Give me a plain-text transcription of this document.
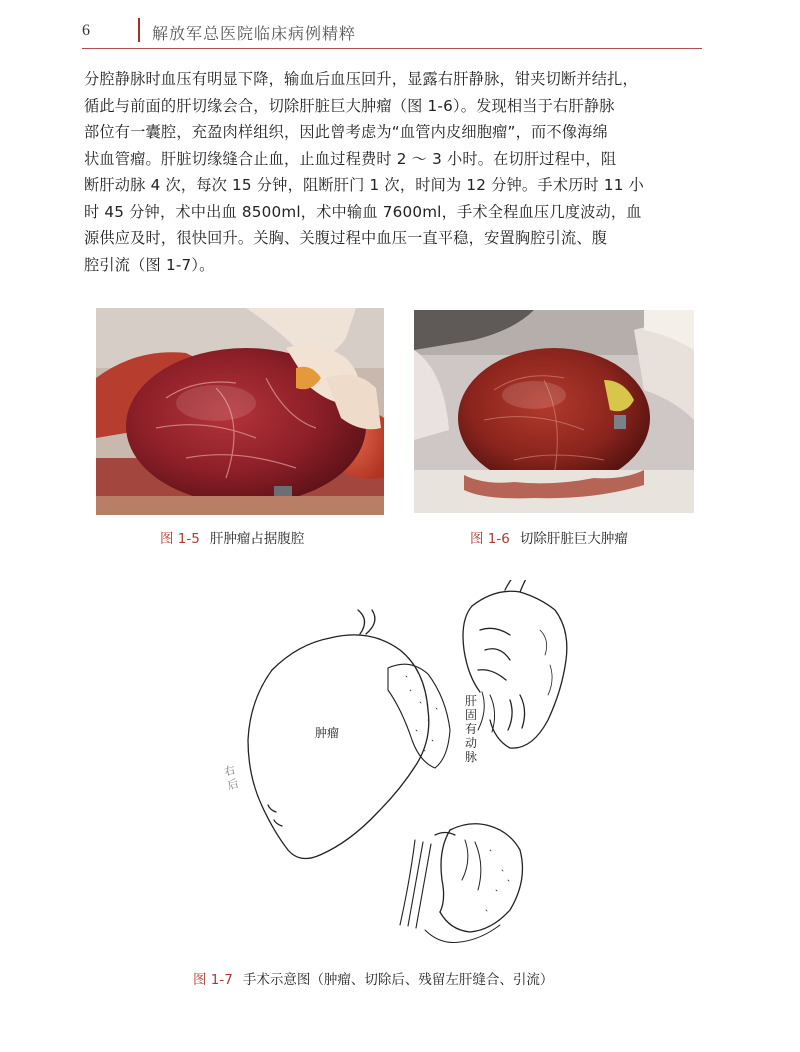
6	解放军总医院临床病例精粹
分腔静脉时血压有明显下降，输血后血压回升，显露右肝静脉，钳夹切断并结扎，
循此与前面的肝切缘会合，切除肝脏巨大肿瘤（图 1-6）。发现相当于右肝静脉
部位有一囊腔，充盈肉样组织，因此曾考虑为“血管内皮细胞瘤”，而不像海绵
状血管瘤。肝脏切缘缝合止血，止血过程费时 2 ～ 3 小时。在切肝过程中，阻
断肝动脉 4 次，每次 15 分钟，阻断肝门 1 次，时间为 12 分钟。手术历时 11 小
时 45 分钟，术中出血 8500ml，术中输血 7600ml，手术全程血压几度波动，血
源供应及时，很快回升。关胸、关腹过程中血压一直平稳，安置胸腔引流、腹
腔引流（图 1-7）。
图 1-5 肝肿瘤占据腹腔	图 1-6 切除肝脏巨大肿瘤
肿瘤
肝固有动脉
右后
图 1-7 手术示意图（肿瘤、切除后、残留左肝缝合、引流）
